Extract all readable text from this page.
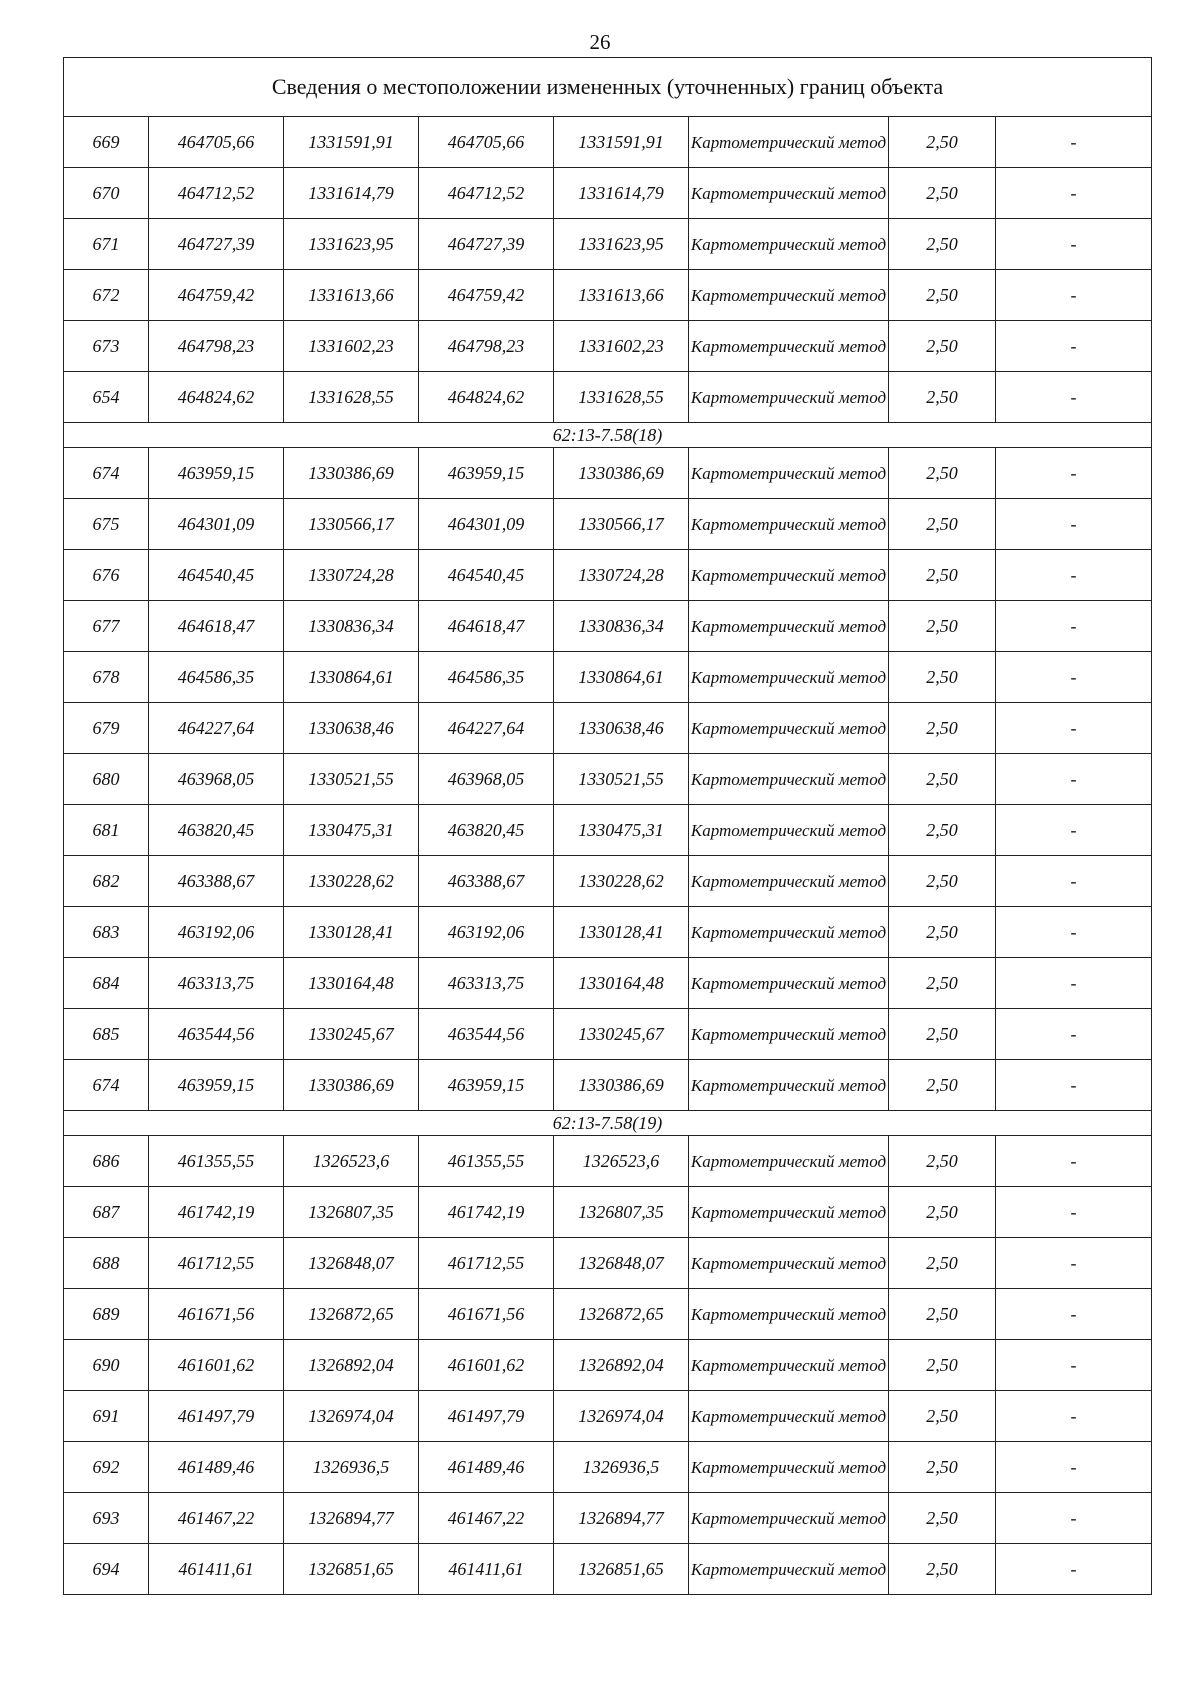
26
Сведения о местоположении измененных (уточненных) границ объекта							
669	464705,66	1331591,91	464705,66	1331591,91	Картометрический метод	2,50	-
670	464712,52	1331614,79	464712,52	1331614,79	Картометрический метод	2,50	-
671	464727,39	1331623,95	464727,39	1331623,95	Картометрический метод	2,50	-
672	464759,42	1331613,66	464759,42	1331613,66	Картометрический метод	2,50	-
673	464798,23	1331602,23	464798,23	1331602,23	Картометрический метод	2,50	-
654	464824,62	1331628,55	464824,62	1331628,55	Картометрический метод	2,50	-
62:13-7.58(18)							
674	463959,15	1330386,69	463959,15	1330386,69	Картометрический метод	2,50	-
675	464301,09	1330566,17	464301,09	1330566,17	Картометрический метод	2,50	-
676	464540,45	1330724,28	464540,45	1330724,28	Картометрический метод	2,50	-
677	464618,47	1330836,34	464618,47	1330836,34	Картометрический метод	2,50	-
678	464586,35	1330864,61	464586,35	1330864,61	Картометрический метод	2,50	-
679	464227,64	1330638,46	464227,64	1330638,46	Картометрический метод	2,50	-
680	463968,05	1330521,55	463968,05	1330521,55	Картометрический метод	2,50	-
681	463820,45	1330475,31	463820,45	1330475,31	Картометрический метод	2,50	-
682	463388,67	1330228,62	463388,67	1330228,62	Картометрический метод	2,50	-
683	463192,06	1330128,41	463192,06	1330128,41	Картометрический метод	2,50	-
684	463313,75	1330164,48	463313,75	1330164,48	Картометрический метод	2,50	-
685	463544,56	1330245,67	463544,56	1330245,67	Картометрический метод	2,50	-
674	463959,15	1330386,69	463959,15	1330386,69	Картометрический метод	2,50	-
62:13-7.58(19)							
686	461355,55	1326523,6	461355,55	1326523,6	Картометрический метод	2,50	-
687	461742,19	1326807,35	461742,19	1326807,35	Картометрический метод	2,50	-
688	461712,55	1326848,07	461712,55	1326848,07	Картометрический метод	2,50	-
689	461671,56	1326872,65	461671,56	1326872,65	Картометрический метод	2,50	-
690	461601,62	1326892,04	461601,62	1326892,04	Картометрический метод	2,50	-
691	461497,79	1326974,04	461497,79	1326974,04	Картометрический метод	2,50	-
692	461489,46	1326936,5	461489,46	1326936,5	Картометрический метод	2,50	-
693	461467,22	1326894,77	461467,22	1326894,77	Картометрический метод	2,50	-
694	461411,61	1326851,65	461411,61	1326851,65	Картометрический метод	2,50	-
